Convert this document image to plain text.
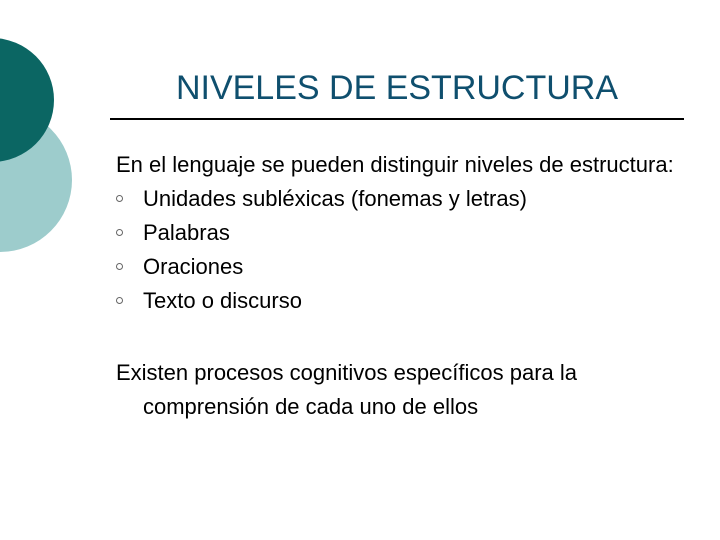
NIVELES DE ESTRUCTURA

En el lenguaje se pueden distinguir niveles de estructura:

Unidades subléxicas (fonemas y letras)
Palabras
Oraciones
Texto o discurso

Existen procesos cognitivos específicos para la comprensión de cada uno de ellos
